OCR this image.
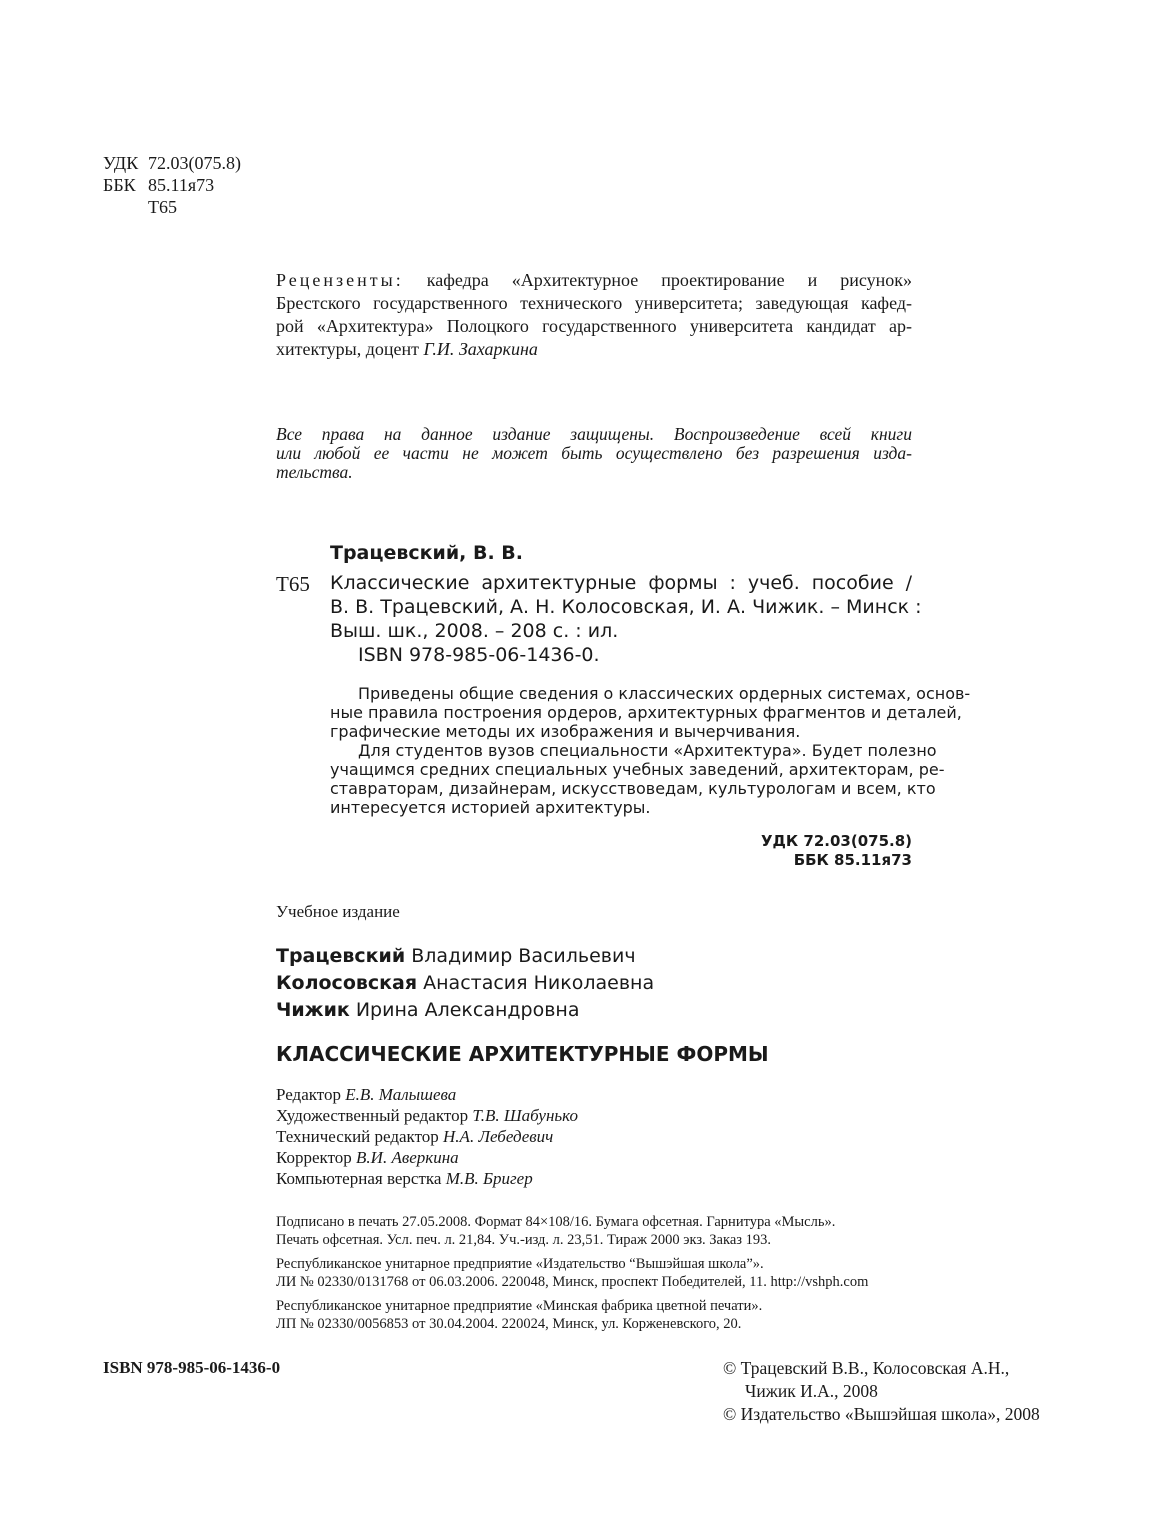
УДК 72.03(075.8)
ББК 85.11я73
Т65
Рецензенты: кафедра «Архитектурное проектирование и рисунок»
Брестского государственного технического университета; заведующая кафед-
рой «Архитектура» Полоцкого государственного университета кандидат ар-
хитектуры, доцент Г.И. Захаркина
Все права на данное издание защищены. Воспроизведение всей книги
или любой ее части не может быть осуществлено без разрешения изда-
тельства.
Трацевский, В. В.
Т65 Классические архитектурные формы : учеб. пособие /
В. В. Трацевский, А. Н. Колосовская, И. А. Чижик. – Минск :
Выш. шк., 2008. – 208 с. : ил.
ISBN 978-985-06-1436-0.
Приведены общие сведения о классических ордерных системах, основ-
ные правила построения ордеров, архитектурных фрагментов и деталей,
графические методы их изображения и вычерчивания.
Для студентов вузов специальности «Архитектура». Будет полезно
учащимся средних специальных учебных заведений, архитекторам, ре-
ставраторам, дизайнерам, искусствоведам, культурологам и всем, кто
интересуется историей архитектуры.
УДК 72.03(075.8)
ББК 85.11я73
Учебное издание
Трацевский Владимир Васильевич
Колосовская Анастасия Николаевна
Чижик Ирина Александровна
КЛАССИЧЕСКИЕ АРХИТЕКТУРНЫЕ ФОРМЫ
Редактор Е.В. Малышева
Художественный редактор Т.В. Шабунько
Технический редактор Н.А. Лебедевич
Корректор В.И. Аверкина
Компьютерная верстка М.В. Бригер
Подписано в печать 27.05.2008. Формат 84×108/16. Бумага офсетная. Гарнитура «Мысль».
Печать офсетная. Усл. печ. л. 21,84. Уч.-изд. л. 23,51. Тираж 2000 экз. Заказ 193.
Республиканское унитарное предприятие «Издательство “Вышэйшая школа”».
ЛИ № 02330/0131768 от 06.03.2006. 220048, Минск, проспект Победителей, 11. http://vshph.com
Республиканское унитарное предприятие «Минская фабрика цветной печати».
ЛП № 02330/0056853 от 30.04.2004. 220024, Минск, ул. Корженевского, 20.
ISBN 978-985-06-1436-0	© Трацевский В.В., Колосовская А.Н.,
Чижик И.А., 2008
© Издательство «Вышэйшая школа», 2008
